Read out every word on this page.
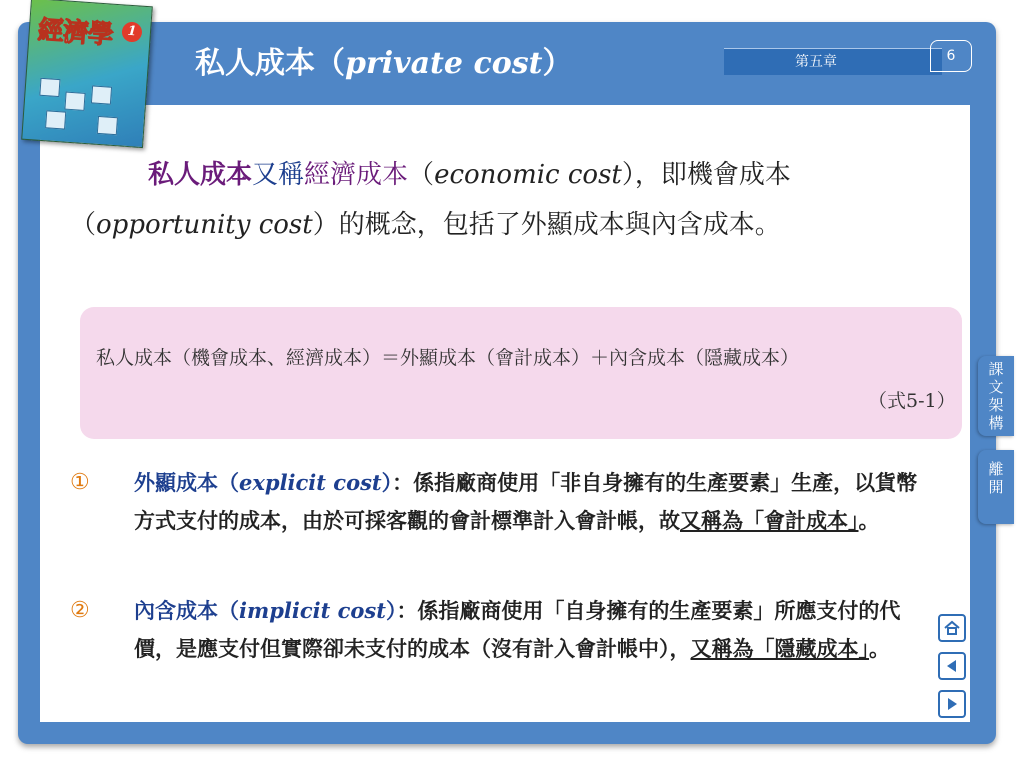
經濟學	1
私人成本（private cost）	第五章	6
私人成本又稱經濟成本（economic cost），即機會成本（opportunity cost）的概念，包括了外顯成本與內含成本。
私人成本（機會成本、經濟成本）＝外顯成本（會計成本）＋內含成本（隱藏成本）
（式5-1）
① 外顯成本（explicit cost）：係指廠商使用「非自身擁有的生產要素」生產，以貨幣方式支付的成本，由於可採客觀的會計標準計入會計帳，故又稱為「會計成本」。
② 內含成本（implicit cost）：係指廠商使用「自身擁有的生產要素」所應支付的代價，是應支付但實際卻未支付的成本（沒有計入會計帳中），又稱為「隱藏成本」。
課文架構
離開
